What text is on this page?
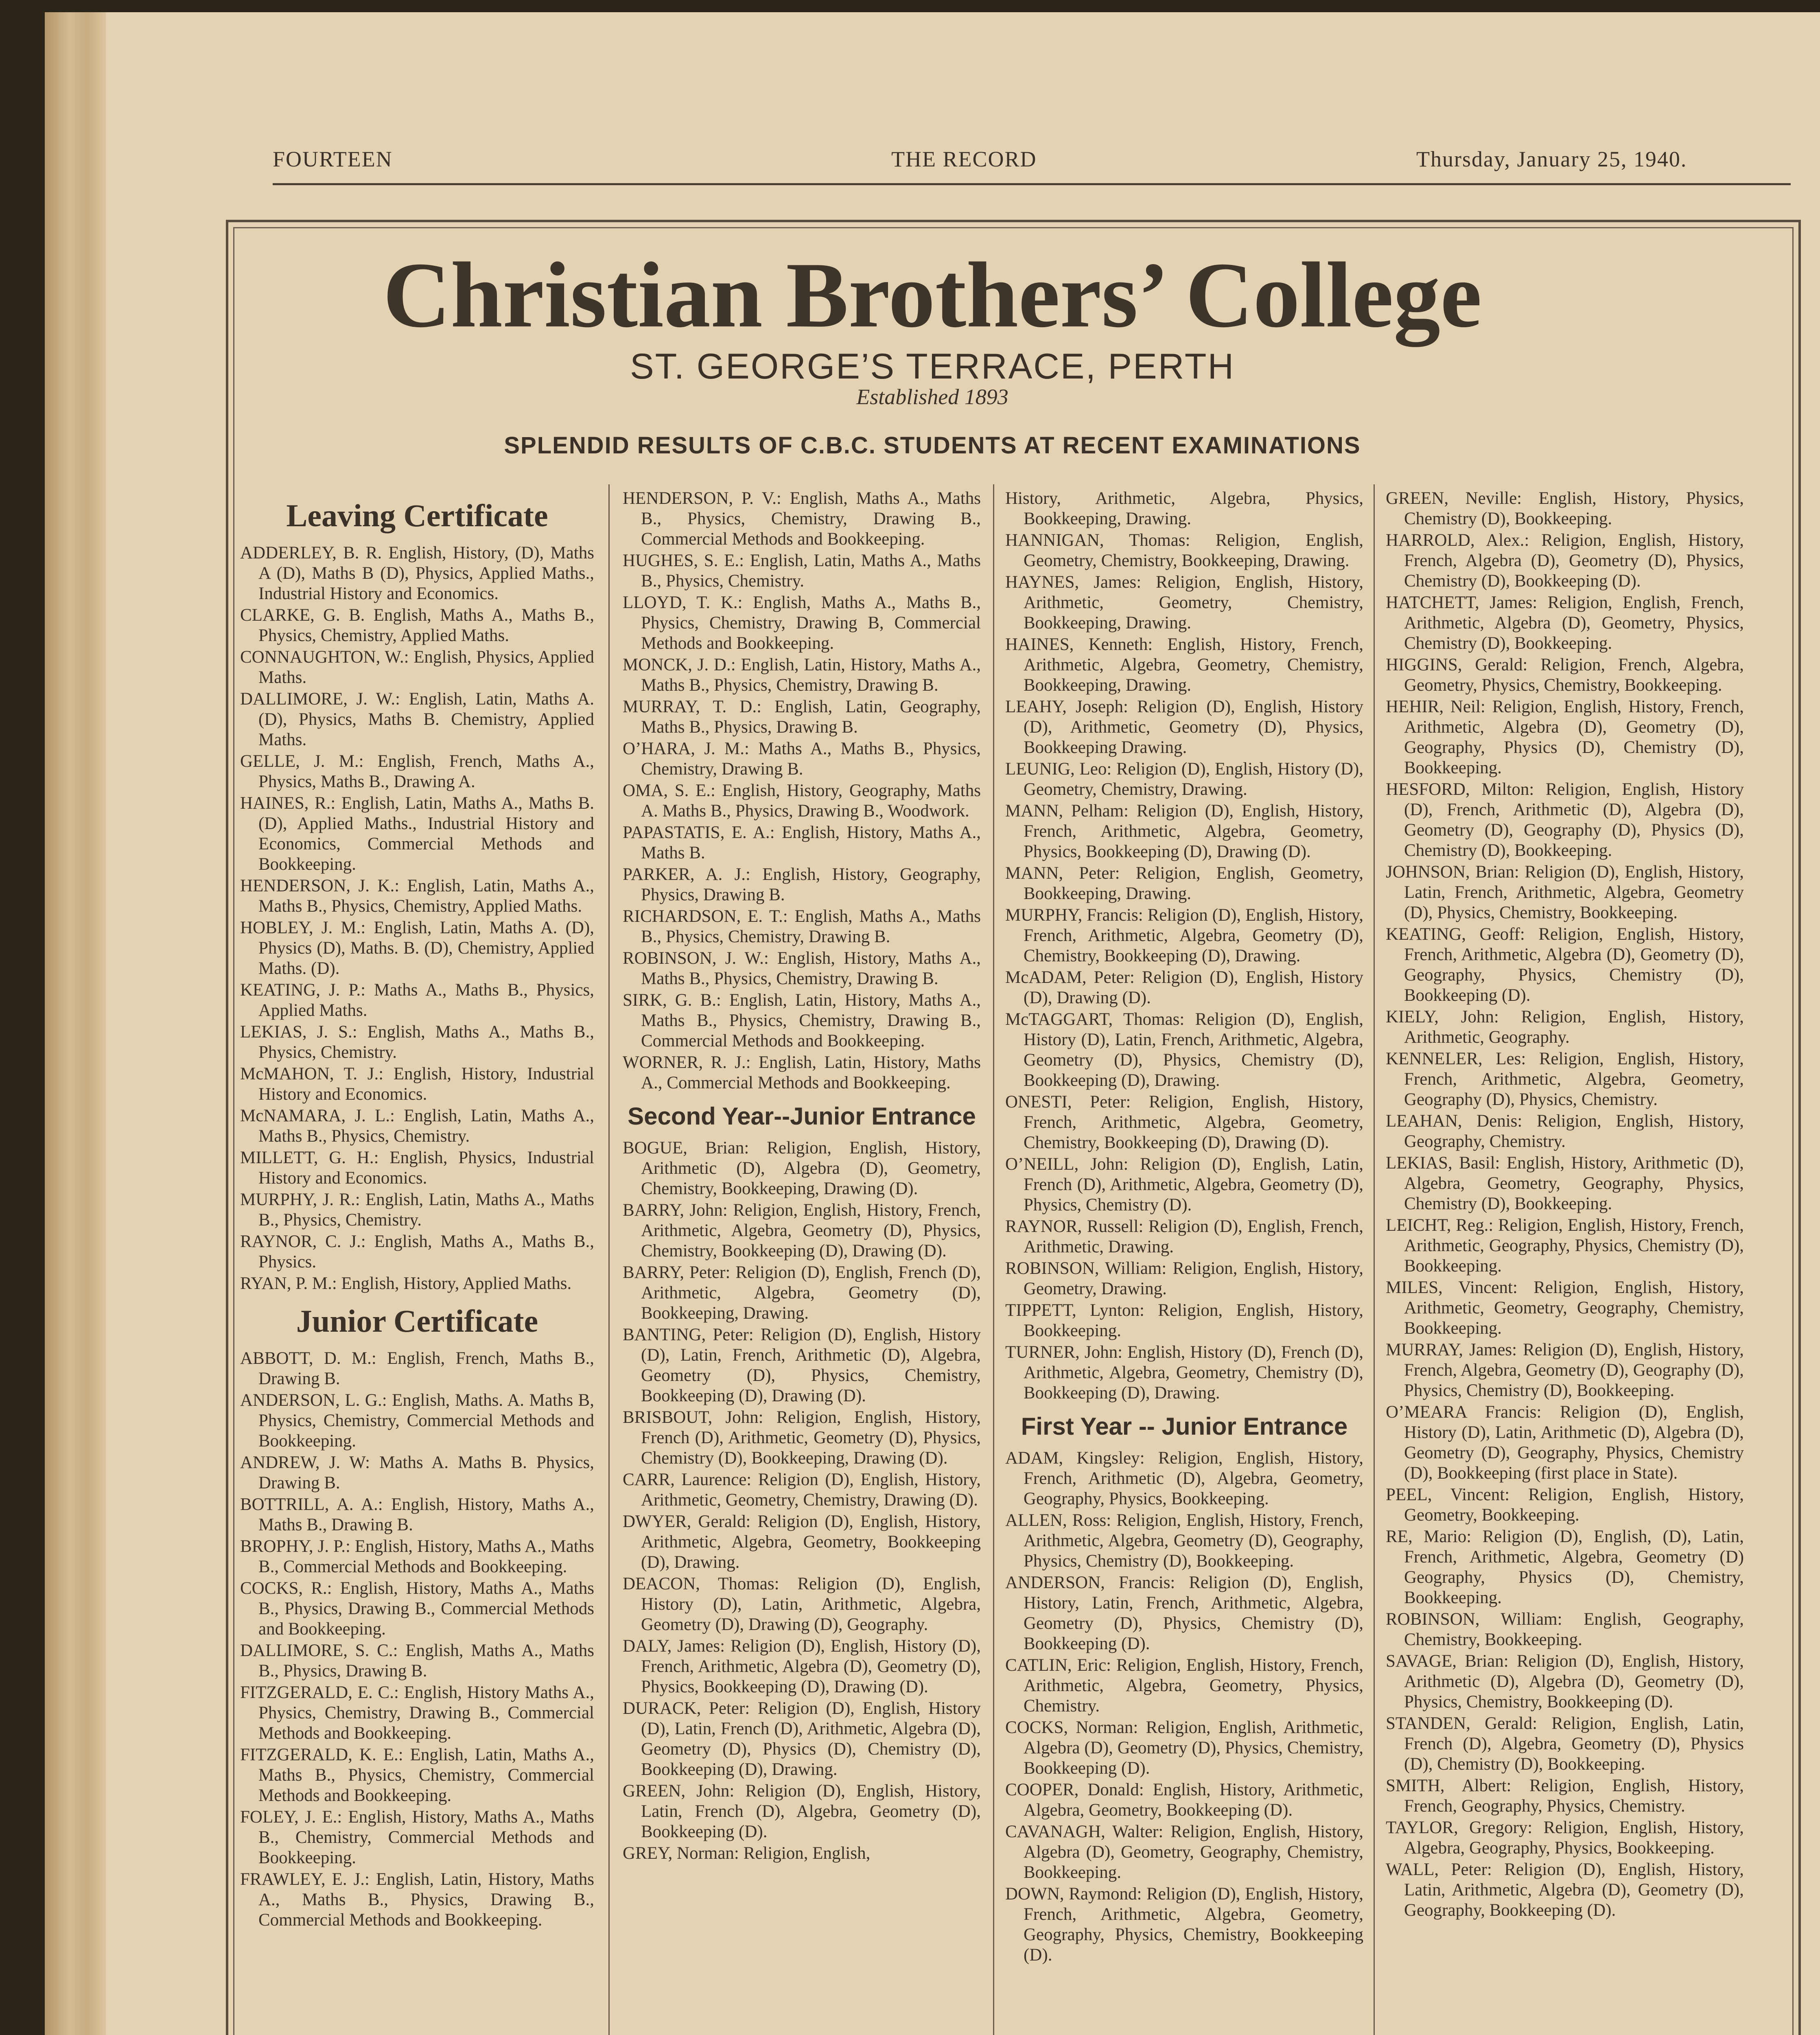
FOURTEEN	THE RECORD	Thursday, January 25, 1940.
Christian Brothers’ College
ST. GEORGE’S TERRACE, PERTH
Established 1893
SPLENDID RESULTS OF C.B.C. STUDENTS AT RECENT EXAMINATIONS
Leaving Certificate

ADDERLEY, B. R. English, History, (D), Maths A (D), Maths B (D), Physics, Applied Maths., Industrial History and Economics.

CLARKE, G. B. English, Maths A., Maths B., Physics, Chemistry, Applied Maths.

CONNAUGHTON, W.: English, Physics, Applied Maths.

DALLIMORE, J. W.: English, Latin, Maths A. (D), Physics, Maths B. Chemistry, Applied Maths.

GELLE, J. M.: English, French, Maths A., Physics, Maths B., Drawing A.

HAINES, R.: English, Latin, Maths A., Maths B. (D), Applied Maths., Industrial History and Economics, Commercial Methods and Bookkeeping.

HENDERSON, J. K.: English, Latin, Maths A., Maths B., Physics, Chemistry, Applied Maths.

HOBLEY, J. M.: English, Latin, Maths A. (D), Physics (D), Maths. B. (D), Chemistry, Applied Maths. (D).

KEATING, J. P.: Maths A., Maths B., Physics, Applied Maths.

LEKIAS, J. S.: English, Maths A., Maths B., Physics, Chemistry.

McMAHON, T. J.: English, History, Industrial History and Economics.

McNAMARA, J. L.: English, Latin, Maths A., Maths B., Physics, Chemistry.

MILLETT, G. H.: English, Physics, Industrial History and Economics.

MURPHY, J. R.: English, Latin, Maths A., Maths B., Physics, Chemistry.

RAYNOR, C. J.: English, Maths A., Maths B., Physics.

RYAN, P. M.: English, History, Applied Maths.

Junior Certificate

ABBOTT, D. M.: English, French, Maths B., Drawing B.

ANDERSON, L. G.: English, Maths. A. Maths B, Physics, Chemistry, Commercial Methods and Bookkeeping.

ANDREW, J. W: Maths A. Maths B. Physics, Drawing B.

BOTTRILL, A. A.: English, History, Maths A., Maths B., Drawing B.

BROPHY, J. P.: English, History, Maths A., Maths B., Commercial Methods and Bookkeeping.

COCKS, R.: English, History, Maths A., Maths B., Physics, Drawing B., Commercial Methods and Bookkeeping.

DALLIMORE, S. C.: English, Maths A., Maths B., Physics, Drawing B.

FITZGERALD, E. C.: English, History Maths A., Physics, Chemistry, Drawing B., Commercial Methods and Bookkeeping.

FITZGERALD, K. E.: English, Latin, Maths A., Maths B., Physics, Chemistry, Commercial Methods and Bookkeeping.

FOLEY, J. E.: English, History, Maths A., Maths B., Chemistry, Commercial Methods and Bookkeeping.

FRAWLEY, E. J.: English, Latin, History, Maths A., Maths B., Physics, Drawing B., Commercial Methods and Bookkeeping.

HENDERSON, P. V.: English, Maths A., Maths B., Physics, Chemistry, Drawing B., Commercial Methods and Bookkeeping.

HUGHES, S. E.: English, Latin, Maths A., Maths B., Physics, Chemistry.

LLOYD, T. K.: English, Maths A., Maths B., Physics, Chemistry, Drawing B, Commercial Methods and Bookkeeping.

MONCK, J. D.: English, Latin, History, Maths A., Maths B., Physics, Chemistry, Drawing B.

MURRAY, T. D.: English, Latin, Geography, Maths B., Physics, Drawing B.

O’HARA, J. M.: Maths A., Maths B., Physics, Chemistry, Drawing B.

OMA, S. E.: English, History, Geography, Maths A. Maths B., Physics, Drawing B., Woodwork.

PAPASTATIS, E. A.: English, History, Maths A., Maths B.

PARKER, A. J.: English, History, Geography, Physics, Drawing B.

RICHARDSON, E. T.: English, Maths A., Maths B., Physics, Chemistry, Drawing B.

ROBINSON, J. W.: English, History, Maths A., Maths B., Physics, Chemistry, Drawing B.

SIRK, G. B.: English, Latin, History, Maths A., Maths B., Physics, Chemistry, Drawing B., Commercial Methods and Bookkeeping.

WORNER, R. J.: English, Latin, History, Maths A., Commercial Methods and Bookkeeping.

Second Year--Junior Entrance

BOGUE, Brian: Religion, English, History, Arithmetic (D), Algebra (D), Geometry, Chemistry, Bookkeeping, Drawing (D).

BARRY, John: Religion, English, History, French, Arithmetic, Algebra, Geometry (D), Physics, Chemistry, Bookkeeping (D), Drawing (D).

BARRY, Peter: Religion (D), English, French (D), Arithmetic, Algebra, Geometry (D), Bookkeeping, Drawing.

BANTING, Peter: Religion (D), English, History (D), Latin, French, Arithmetic (D), Algebra, Geometry (D), Physics, Chemistry, Bookkeeping (D), Drawing (D).

BRISBOUT, John: Religion, English, History, French (D), Arithmetic, Geometry (D), Physics, Chemistry (D), Bookkeeping, Drawing (D).

CARR, Laurence: Religion (D), English, History, Arithmetic, Geometry, Chemistry, Drawing (D).

DWYER, Gerald: Religion (D), English, History, Arithmetic, Algebra, Geometry, Bookkeeping (D), Drawing.

DEACON, Thomas: Religion (D), English, History (D), Latin, Arithmetic, Algebra, Geometry (D), Drawing (D), Geography.

DALY, James: Religion (D), English, History (D), French, Arithmetic, Algebra (D), Geometry (D), Physics, Bookkeeping (D), Drawing (D).

DURACK, Peter: Religion (D), English, History (D), Latin, French (D), Arithmetic, Algebra (D), Geometry (D), Physics (D), Chemistry (D), Bookkeeping (D), Drawing.

GREEN, John: Religion (D), English, History, Latin, French (D), Algebra, Geometry (D), Bookkeeping (D).

GREY, Norman: Religion, English,

History, Arithmetic, Algebra, Physics, Bookkeeping, Drawing.

HANNIGAN, Thomas: Religion, English, Geometry, Chemistry, Bookkeeping, Drawing.

HAYNES, James: Religion, English, History, Arithmetic, Geometry, Chemistry, Bookkeeping, Drawing.

HAINES, Kenneth: English, History, French, Arithmetic, Algebra, Geometry, Chemistry, Bookkeeping, Drawing.

LEAHY, Joseph: Religion (D), English, History (D), Arithmetic, Geometry (D), Physics, Bookkeeping Drawing.

LEUNIG, Leo: Religion (D), English, History (D), Geometry, Chemistry, Drawing.

MANN, Pelham: Religion (D), English, History, French, Arithmetic, Algebra, Geometry, Physics, Bookkeeping (D), Drawing (D).

MANN, Peter: Religion, English, Geometry, Bookkeeping, Drawing.

MURPHY, Francis: Religion (D), English, History, French, Arithmetic, Algebra, Geometry (D), Chemistry, Bookkeeping (D), Drawing.

McADAM, Peter: Religion (D), English, History (D), Drawing (D).

McTAGGART, Thomas: Religion (D), English, History (D), Latin, French, Arithmetic, Algebra, Geometry (D), Physics, Chemistry (D), Bookkeeping (D), Drawing.

ONESTI, Peter: Religion, English, History, French, Arithmetic, Algebra, Geometry, Chemistry, Bookkeeping (D), Drawing (D).

O’NEILL, John: Religion (D), English, Latin, French (D), Arithmetic, Algebra, Geometry (D), Physics, Chemistry (D).

RAYNOR, Russell: Religion (D), English, French, Arithmetic, Drawing.

ROBINSON, William: Religion, English, History, Geometry, Drawing.

TIPPETT, Lynton: Religion, English, History, Bookkeeping.

TURNER, John: English, History (D), French (D), Arithmetic, Algebra, Geometry, Chemistry (D), Bookkeeping (D), Drawing.

First Year -- Junior Entrance

ADAM, Kingsley: Religion, English, History, French, Arithmetic (D), Algebra, Geometry, Geography, Physics, Bookkeeping.

ALLEN, Ross: Religion, English, History, French, Arithmetic, Algebra, Geometry (D), Geography, Physics, Chemistry (D), Bookkeeping.

ANDERSON, Francis: Religion (D), English, History, Latin, French, Arithmetic, Algebra, Geometry (D), Physics, Chemistry (D), Bookkeeping (D).

CATLIN, Eric: Religion, English, History, French, Arithmetic, Algebra, Geometry, Physics, Chemistry.

COCKS, Norman: Religion, English, Arithmetic, Algebra (D), Geometry (D), Physics, Chemistry, Bookkeeping (D).

COOPER, Donald: English, History, Arithmetic, Algebra, Geometry, Bookkeeping (D).

CAVANAGH, Walter: Religion, English, History, Algebra (D), Geometry, Geography, Chemistry, Bookkeeping.

DOWN, Raymond: Religion (D), English, History, French, Arithmetic, Algebra, Geometry, Geography, Physics, Chemistry, Bookkeeping (D).

GREEN, Neville: English, History, Physics, Chemistry (D), Bookkeeping.

HARROLD, Alex.: Religion, English, History, French, Algebra (D), Geometry (D), Physics, Chemistry (D), Bookkeeping (D).

HATCHETT, James: Religion, English, French, Arithmetic, Algebra (D), Geometry, Physics, Chemistry (D), Bookkeeping.

HIGGINS, Gerald: Religion, French, Algebra, Geometry, Physics, Chemistry, Bookkeeping.

HEHIR, Neil: Religion, English, History, French, Arithmetic, Algebra (D), Geometry (D), Geography, Physics (D), Chemistry (D), Bookkeeping.

HESFORD, Milton: Religion, English, History (D), French, Arithmetic (D), Algebra (D), Geometry (D), Geography (D), Physics (D), Chemistry (D), Bookkeeping.

JOHNSON, Brian: Religion (D), English, History, Latin, French, Arithmetic, Algebra, Geometry (D), Physics, Chemistry, Bookkeeping.

KEATING, Geoff: Religion, English, History, French, Arithmetic, Algebra (D), Geometry (D), Geography, Physics, Chemistry (D), Bookkeeping (D).

KIELY, John: Religion, English, History, Arithmetic, Geography.

KENNELER, Les: Religion, English, History, French, Arithmetic, Algebra, Geometry, Geography (D), Physics, Chemistry.

LEAHAN, Denis: Religion, English, History, Geography, Chemistry.

LEKIAS, Basil: English, History, Arithmetic (D), Algebra, Geometry, Geography, Physics, Chemistry (D), Bookkeeping.

LEICHT, Reg.: Religion, English, History, French, Arithmetic, Geography, Physics, Chemistry (D), Bookkeeping.

MILES, Vincent: Religion, English, History, Arithmetic, Geometry, Geography, Chemistry, Bookkeeping.

MURRAY, James: Religion (D), English, History, French, Algebra, Geometry (D), Geography (D), Physics, Chemistry (D), Bookkeeping.

O’MEARA Francis: Religion (D), English, History (D), Latin, Arithmetic (D), Algebra (D), Geometry (D), Geography, Physics, Chemistry (D), Bookkeeping (first place in State).

PEEL, Vincent: Religion, English, History, Geometry, Bookkeeping.

RE, Mario: Religion (D), English, (D), Latin, French, Arithmetic, Algebra, Geometry (D) Geography, Physics (D), Chemistry, Bookkeeping.

ROBINSON, William: English, Geography, Chemistry, Bookkeeping.

SAVAGE, Brian: Religion (D), English, History, Arithmetic (D), Algebra (D), Geometry (D), Physics, Chemistry, Bookkeeping (D).

STANDEN, Gerald: Religion, English, Latin, French (D), Algebra, Geometry (D), Physics (D), Chemistry (D), Bookkeeping.

SMITH, Albert: Religion, English, History, French, Geography, Physics, Chemistry.

TAYLOR, Gregory: Religion, English, History, Algebra, Geography, Physics, Bookkeeping.

WALL, Peter: Religion (D), English, History, Latin, Arithmetic, Algebra (D), Geometry (D), Geography, Bookkeeping (D).
